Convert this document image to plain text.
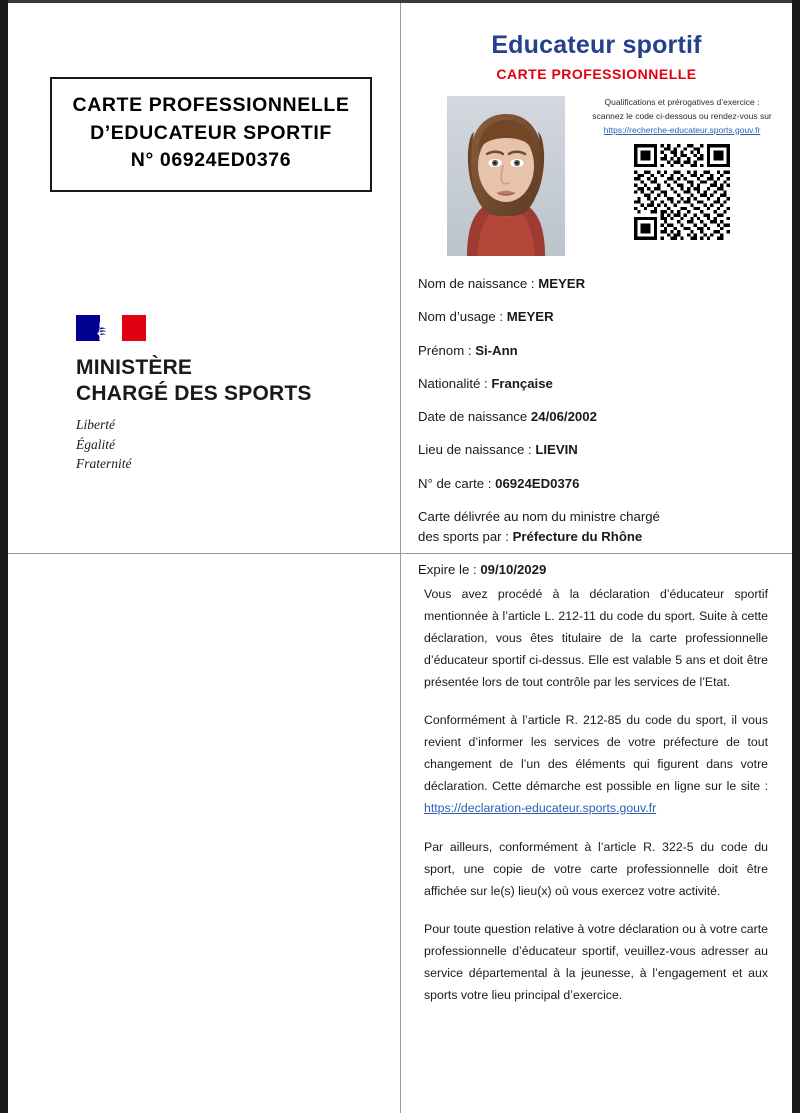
CARTE PROFESSIONNELLE
D’EDUCATEUR SPORTIF
N° 06924ED0376
MINISTÈRE
CHARGÉ DES SPORTS
Liberté
Égalité
Fraternité
Educateur sportif
CARTE PROFESSIONNELLE
Qualifications et prérogatives d’exercice :
scannez le code ci-dessous ou rendez-vous sur
https://recherche-educateur.sports.gouv.fr
Nom de naissance : MEYER
Nom d’usage : MEYER
Prénom : Si-Ann
Nationalité : Française
Date de naissance 24/06/2002
Lieu de naissance : LIEVIN
N° de carte : 06924ED0376
Carte délivrée au nom du ministre chargé
des sports par : Préfecture du Rhône
Expire le : 09/10/2029

Vous avez procédé à la déclaration d’éducateur sportif mentionnée à l’article L. 212-11 du code du sport. Suite à cette déclaration, vous êtes titulaire de la carte professionnelle d’éducateur sportif ci-dessus. Elle est valable 5 ans et doit être présentée lors de tout contrôle par les services de l’Etat.

Conformément à l’article R. 212-85 du code du sport, il vous revient d’informer les services de votre préfecture de tout changement de l’un des éléments qui figurent dans votre déclaration. Cette démarche est possible en ligne sur le site : https://declaration-educateur.sports.gouv.fr

Par ailleurs, conformément à l’article R. 322-5 du code du sport, une copie de votre carte professionnelle doit être affichée sur le(s) lieu(x) où vous exercez votre activité.

Pour toute question relative à votre déclaration ou à votre carte professionnelle d’éducateur sportif, veuillez-vous adresser au service départemental à la jeunesse, à l’engagement et aux sports votre lieu principal d’exercice.
